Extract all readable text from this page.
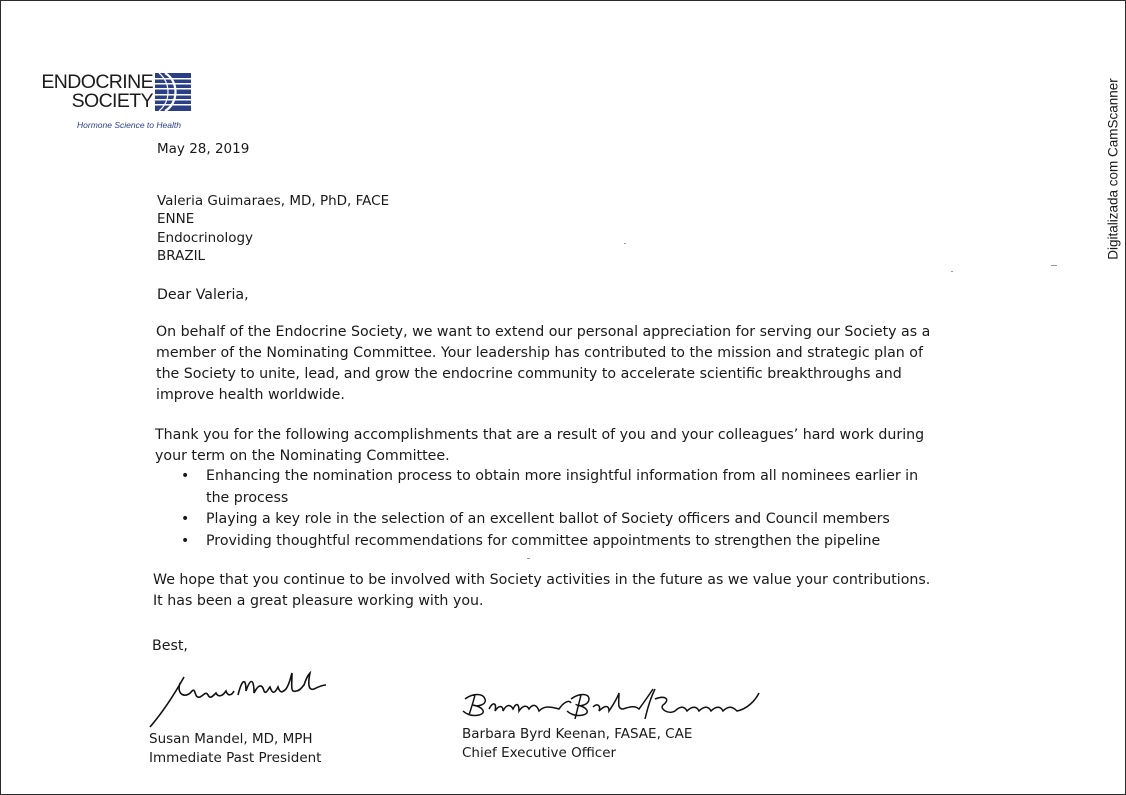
ENDOCRINE
SOCIETY
Hormone Science to Health
May 28, 2019
Valeria Guimaraes, MD, PhD, FACE
ENNE
Endocrinology
BRAZIL
Dear Valeria,
On behalf of the Endocrine Society, we want to extend our personal appreciation for serving our Society as a
member of the Nominating Committee. Your leadership has contributed to the mission and strategic plan of
the Society to unite, lead, and grow the endocrine community to accelerate scientific breakthroughs and
improve health worldwide.
Thank you for the following accomplishments that are a result of you and your colleagues’ hard work during
your term on the Nominating Committee.
• Enhancing the nomination process to obtain more insightful information from all nominees earlier in
the process
• Playing a key role in the selection of an excellent ballot of Society officers and Council members
• Providing thoughtful recommendations for committee appointments to strengthen the pipeline
We hope that you continue to be involved with Society activities in the future as we value your contributions.
It has been a great pleasure working with you.
Best,
Susan Mandel, MD, MPH
Immediate Past President
Barbara Byrd Keenan, FASAE, CAE
Chief Executive Officer
Digitalizada com CamScanner
